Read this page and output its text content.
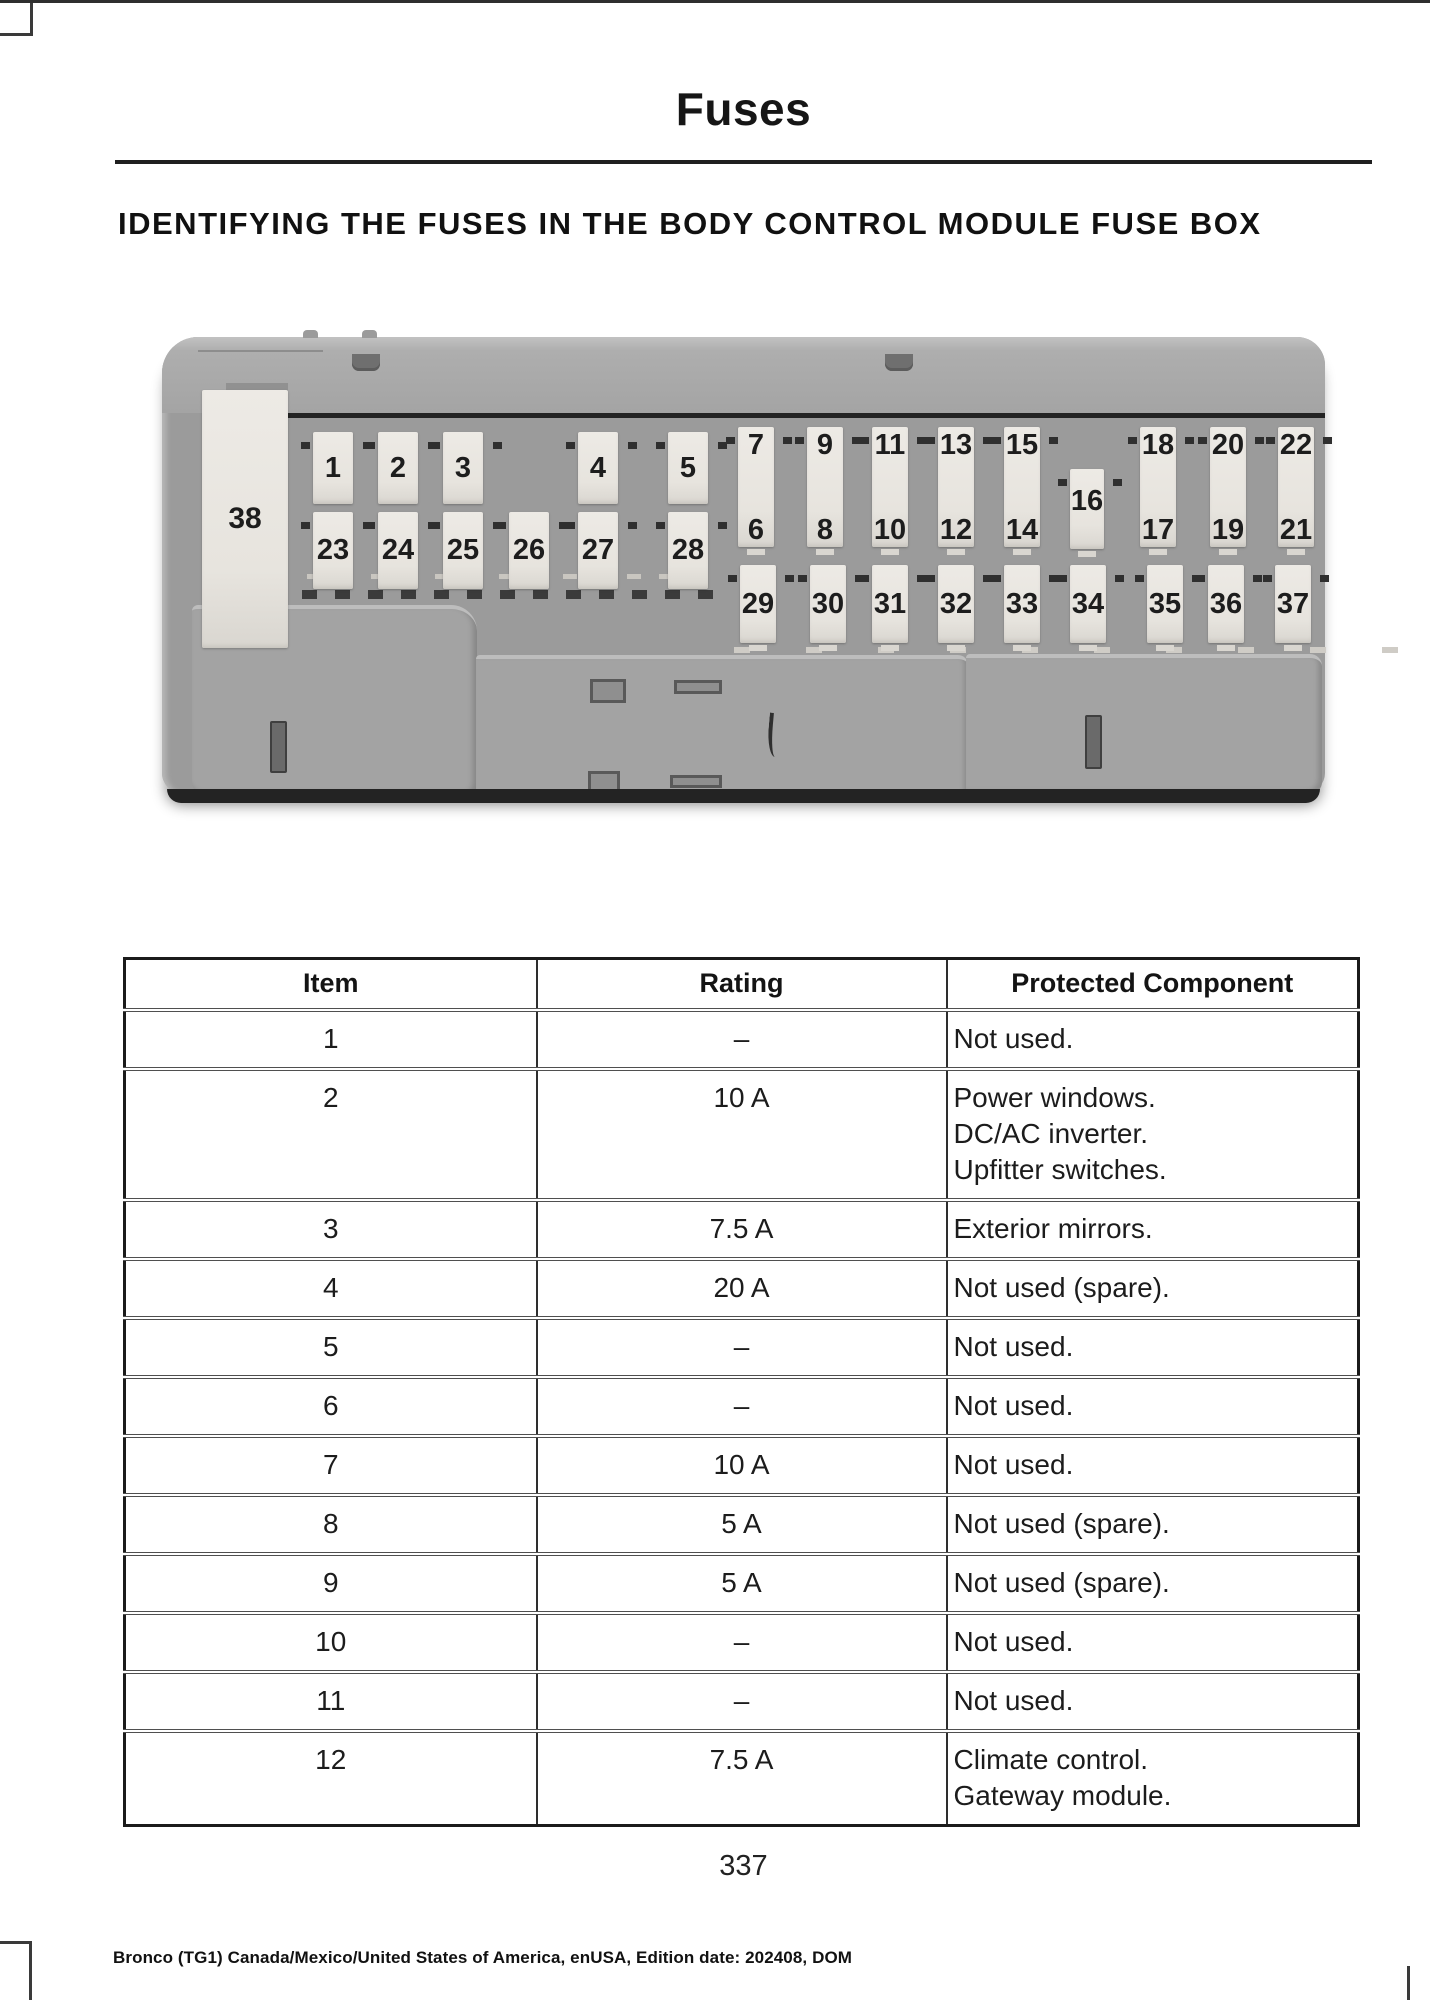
Fuses
IDENTIFYING THE FUSES IN THE BODY CONTROL MODULE FUSE BOX
38
1 2 3	4	5
23 24 25 26 27 28
7
6
9
8
11
10
13
12
15
14
16
18
17
20
19
22
21
29 30 31 32 33 34 35 36 37
Item	Rating	Protected Component
1	–	Not used.

2	10 A	Power windows.
DC/AC inverter.
Upfitter switches.

3	7.5 A	Exterior mirrors.

4	20 A	Not used (spare).

5	–	Not used.

6	–	Not used.

7	10 A	Not used.

8	5 A	Not used (spare).

9	5 A	Not used (spare).

10	–	Not used.

11	–	Not used.

12	7.5 A	Climate control.
Gateway module.
337
Bronco (TG1) Canada/Mexico/United States of America, enUSA, Edition date: 202408, DOM
